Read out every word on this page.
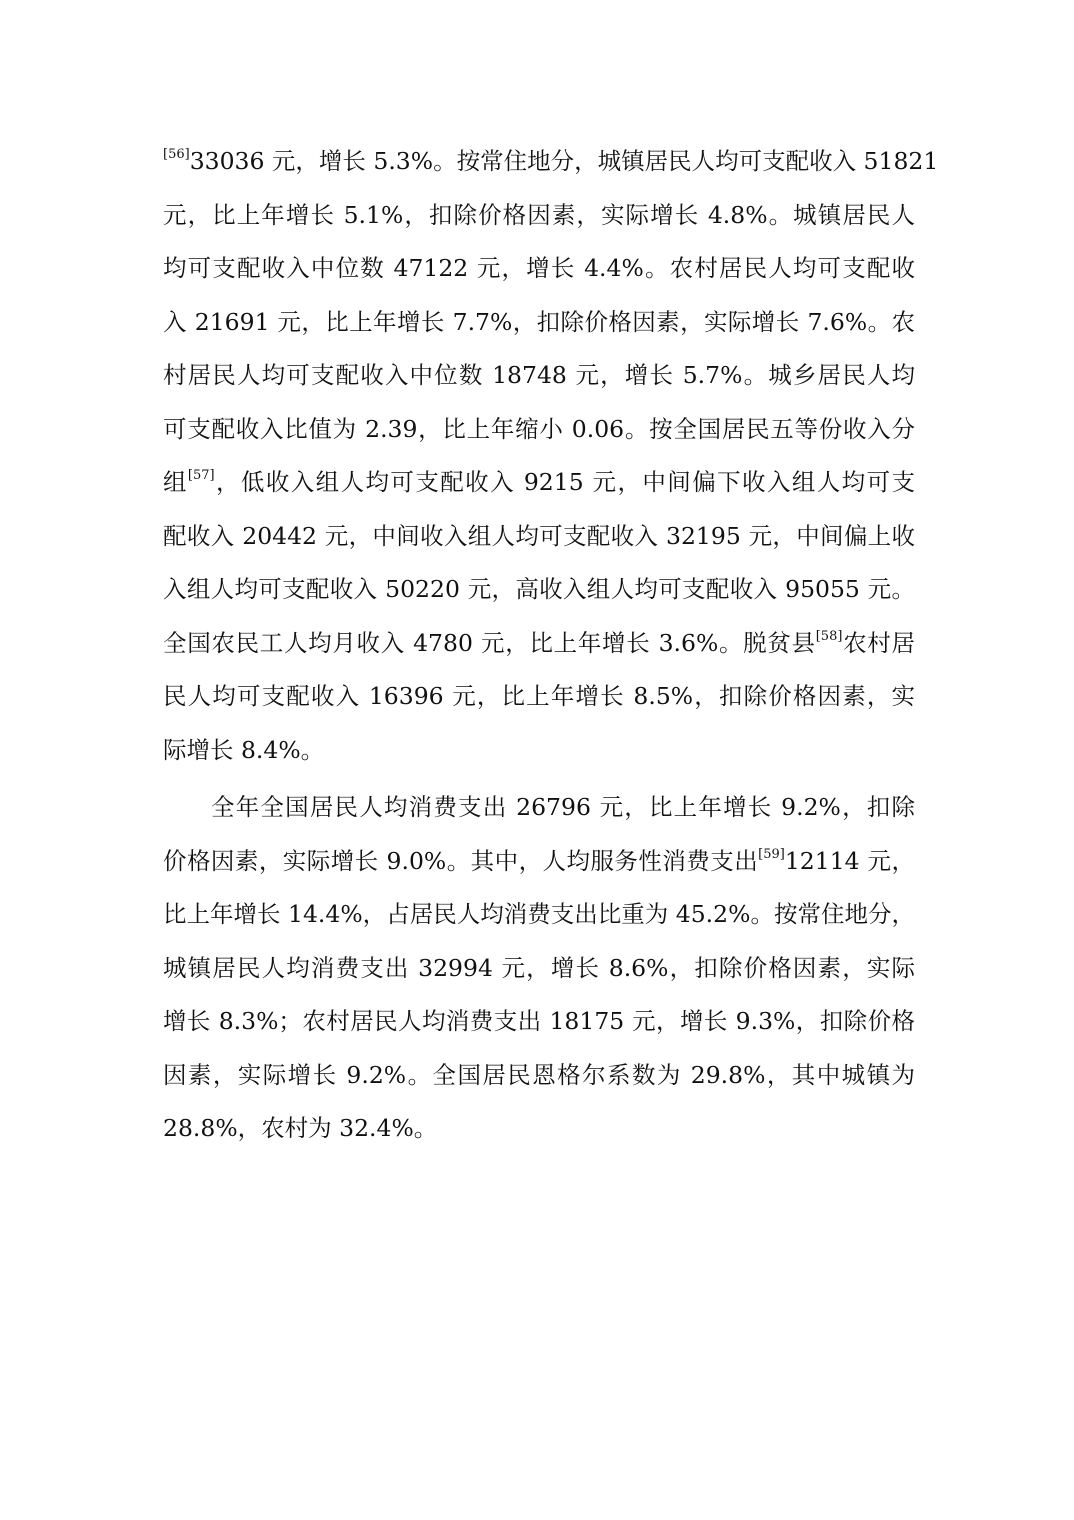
[56]33036 元，增长 5.3%。按常住地分，城镇居民人均可支配收入 51821
元，比上年增长 5.1%，扣除价格因素，实际增长 4.8%。城镇居民人
均可支配收入中位数 47122 元，增长 4.4%。农村居民人均可支配收
入 21691 元，比上年增长 7.7%，扣除价格因素，实际增长 7.6%。农
村居民人均可支配收入中位数 18748 元，增长 5.7%。城乡居民人均
可支配收入比值为 2.39，比上年缩小 0.06。按全国居民五等份收入分
组[57]，低收入组人均可支配收入 9215 元，中间偏下收入组人均可支
配收入 20442 元，中间收入组人均可支配收入 32195 元，中间偏上收
入组人均可支配收入 50220 元，高收入组人均可支配收入 95055 元。
全国农民工人均月收入 4780 元，比上年增长 3.6%。脱贫县[58]农村居
民人均可支配收入 16396 元，比上年增长 8.5%，扣除价格因素，实
际增长 8.4%。
全年全国居民人均消费支出 26796 元，比上年增长 9.2%，扣除
价格因素，实际增长 9.0%。其中，人均服务性消费支出[59]12114 元，
比上年增长 14.4%，占居民人均消费支出比重为 45.2%。按常住地分，
城镇居民人均消费支出 32994 元，增长 8.6%，扣除价格因素，实际
增长 8.3%；农村居民人均消费支出 18175 元，增长 9.3%，扣除价格
因素，实际增长 9.2%。全国居民恩格尔系数为 29.8%，其中城镇为
28.8%，农村为 32.4%。
